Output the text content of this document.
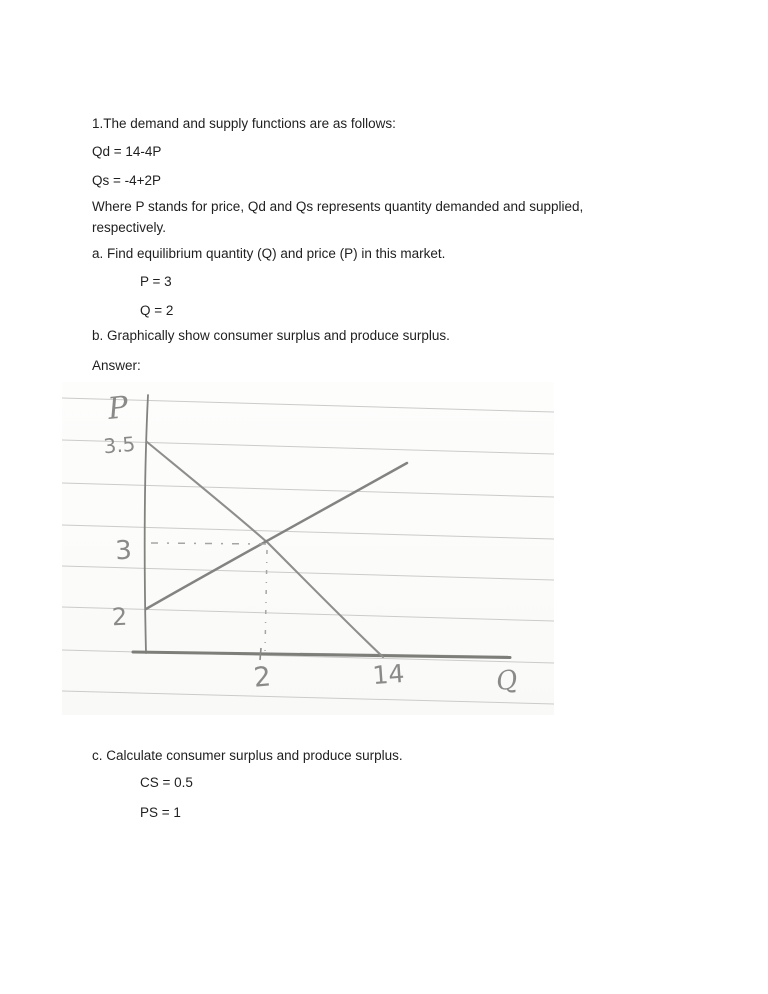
1.The demand and supply functions are as follows:
Qd = 14-4P
Qs = -4+2P
Where P stands for price, Qd and Qs represents quantity demanded and supplied,
respectively.
a. Find equilibrium quantity (Q) and price (P) in this market.
P = 3
Q = 2
b. Graphically show consumer surplus and produce surplus.
Answer:
P
3.5
3
2
2	14	Q
c. Calculate consumer surplus and produce surplus.
CS = 0.5
PS = 1
